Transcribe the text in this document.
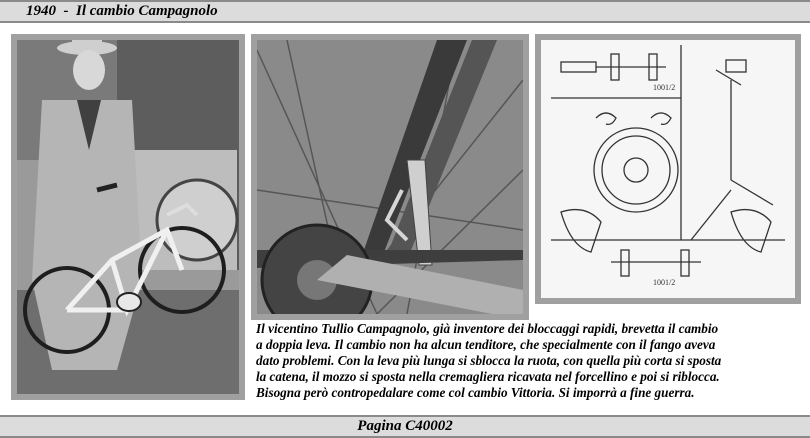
1940  -  Il cambio Campagnolo
1001/2
1001/2
Il vicentino Tullio Campagnolo, già inventore dei bloccaggi rapidi, brevetta il cambio
a doppia leva. Il cambio non ha alcun tenditore, che specialmente con il fango aveva
dato problemi. Con la leva più lunga si sblocca la ruota, con quella più corta si sposta
la catena, il mozzo si sposta nella cremagliera ricavata nel forcellino e poi si riblocca.
Bisogna però contropedalare come col cambio Vittoria. Si imporrà a fine guerra.
Pagina C40002
